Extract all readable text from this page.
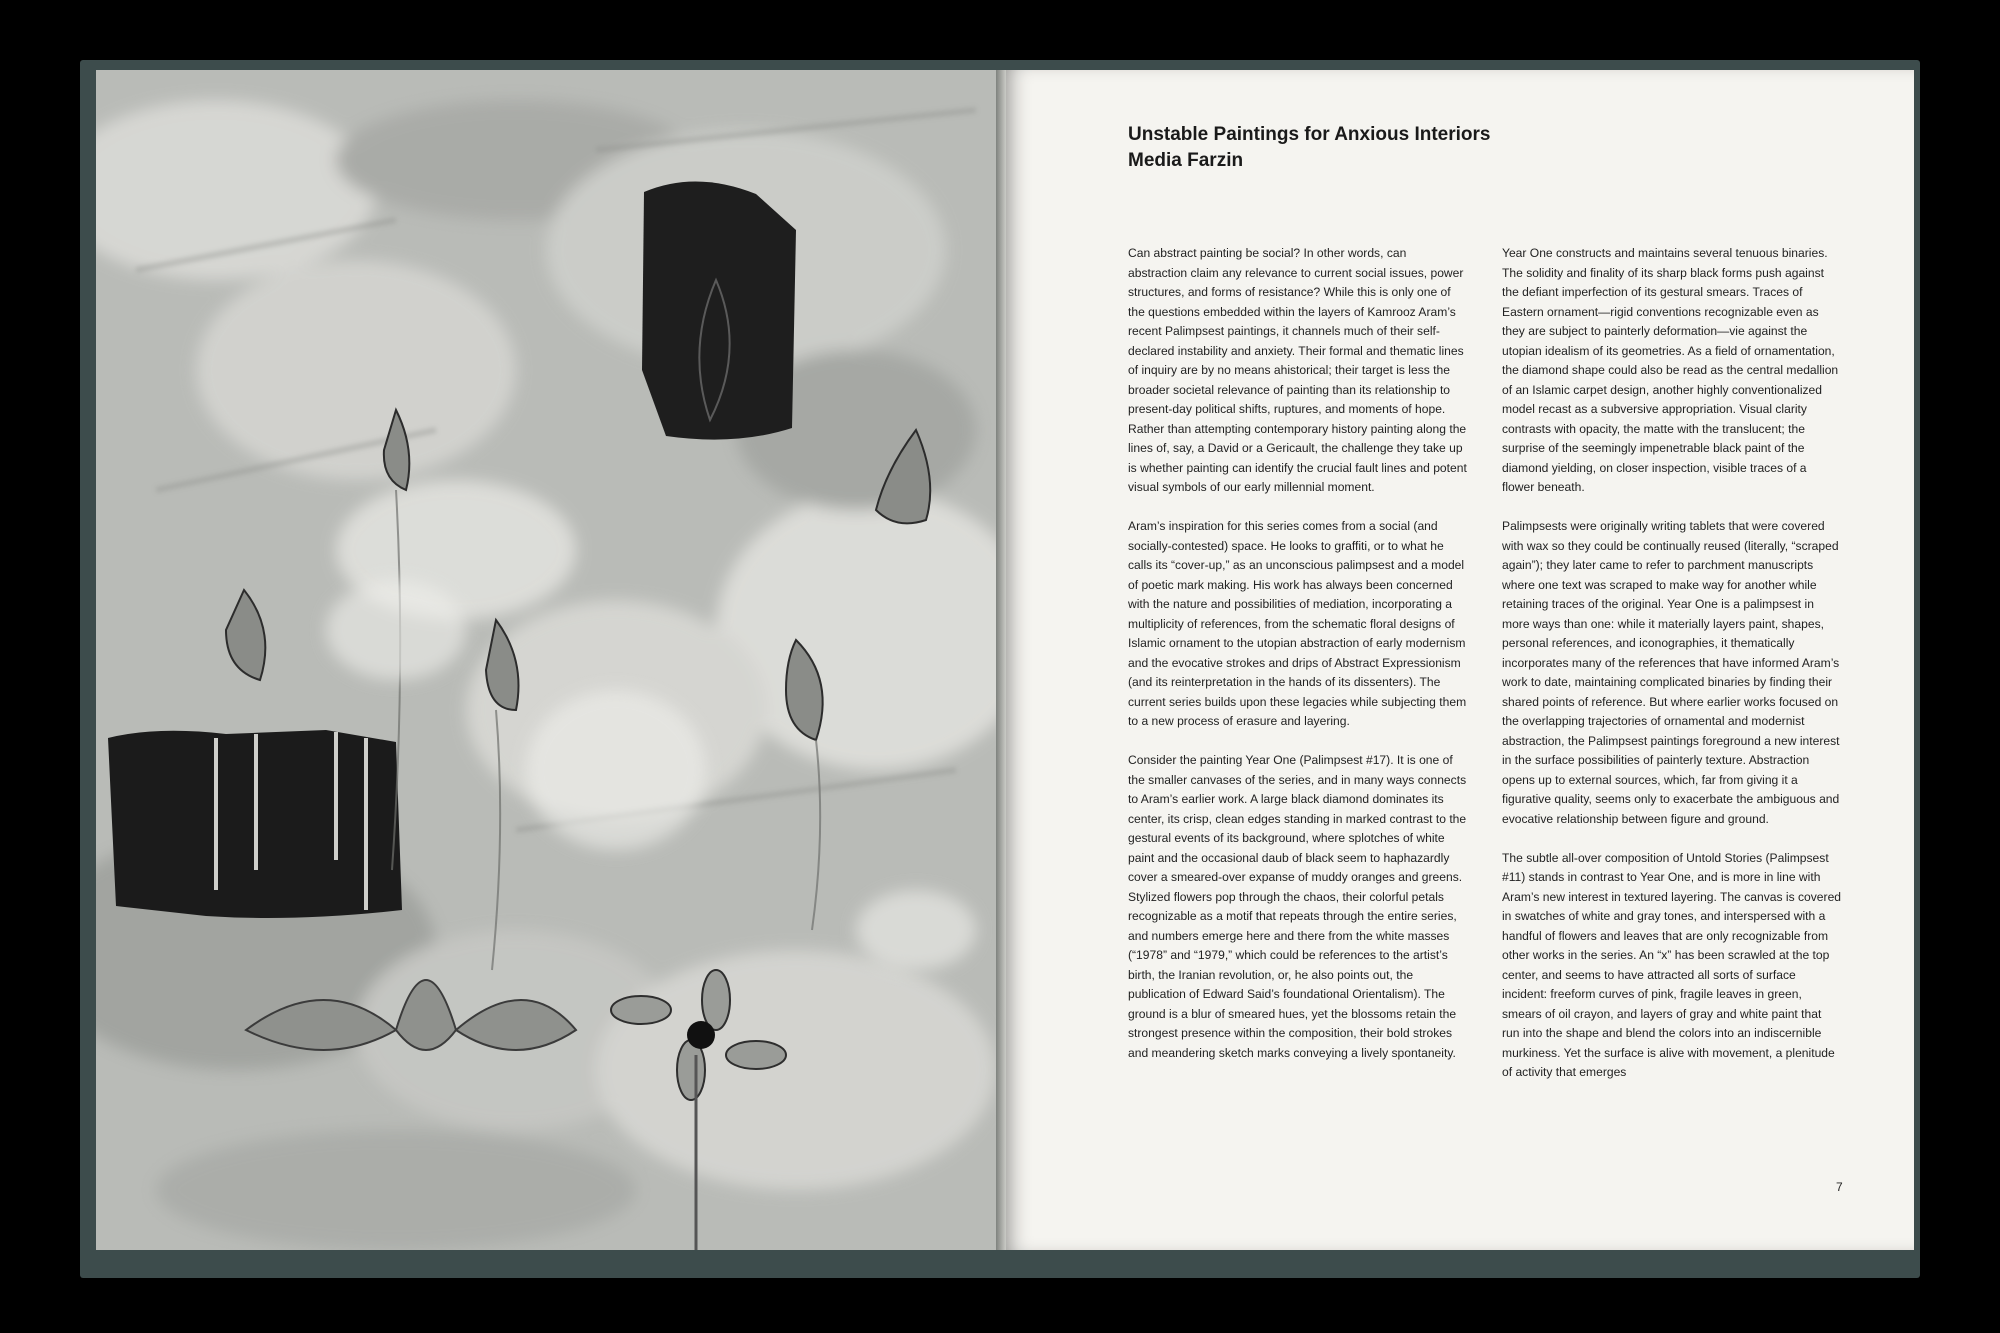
Unstable Paintings for Anxious Interiors
Media Farzin

Can abstract painting be social? In other words, can abstraction claim any relevance to current social issues, power structures, and forms of resistance? While this is only one of the questions embedded within the layers of Kamrooz Aram’s recent Palimpsest paintings, it channels much of their self-declared instability and anxiety. Their formal and thematic lines of inquiry are by no means ahistorical; their target is less the broader societal relevance of painting than its relationship to present-day political shifts, ruptures, and moments of hope. Rather than attempting contemporary history painting along the lines of, say, a David or a Gericault, the challenge they take up is whether painting can identify the crucial fault lines and potent visual symbols of our early millennial moment.

Aram’s inspiration for this series comes from a social (and socially-contested) space. He looks to graffiti, or to what he calls its “cover-up,” as an unconscious palimpsest and a model of poetic mark making. His work has always been concerned with the nature and possibilities of mediation, incorporating a multiplicity of references, from the schematic floral designs of Islamic ornament to the utopian abstraction of early modernism and the evocative strokes and drips of Abstract Expressionism (and its reinterpretation in the hands of its dissenters). The current series builds upon these legacies while subjecting them to a new process of erasure and layering.

Consider the painting Year One (Palimpsest #17). It is one of the smaller canvases of the series, and in many ways connects to Aram’s earlier work. A large black diamond dominates its center, its crisp, clean edges standing in marked contrast to the gestural events of its background, where splotches of white paint and the occasional daub of black seem to haphazardly cover a smeared-over expanse of muddy oranges and greens. Stylized flowers pop through the chaos, their colorful petals recognizable as a motif that repeats through the entire series, and numbers emerge here and there from the white masses (“1978” and “1979,” which could be references to the artist’s birth, the Iranian revolution, or, he also points out, the publication of Edward Said’s foundational Orientalism). The ground is a blur of smeared hues, yet the blossoms retain the strongest presence within the composition, their bold strokes and meandering sketch marks conveying a lively spontaneity.

Year One constructs and maintains several tenuous binaries. The solidity and finality of its sharp black forms push against the defiant imperfection of its gestural smears. Traces of Eastern ornament—rigid conventions recognizable even as they are subject to painterly deformation—vie against the utopian idealism of its geometries. As a field of ornamentation, the diamond shape could also be read as the central medallion of an Islamic carpet design, another highly conventionalized model recast as a subversive appropriation. Visual clarity contrasts with opacity, the matte with the translucent; the surprise of the seemingly impenetrable black paint of the diamond yielding, on closer inspection, visible traces of a flower beneath.

Palimpsests were originally writing tablets that were covered with wax so they could be continually reused (literally, “scraped again”); they later came to refer to parchment manuscripts where one text was scraped to make way for another while retaining traces of the original. Year One is a palimpsest in more ways than one: while it materially layers paint, shapes, personal references, and iconographies, it thematically incorporates many of the references that have informed Aram’s work to date, maintaining complicated binaries by finding their shared points of reference. But where earlier works focused on the overlapping trajectories of ornamental and modernist abstraction, the Palimpsest paintings foreground a new interest in the surface possibilities of painterly texture. Abstraction opens up to external sources, which, far from giving it a figurative quality, seems only to exacerbate the ambiguous and evocative relationship between figure and ground.

The subtle all-over composition of Untold Stories (Palimpsest #11) stands in contrast to Year One, and is more in line with Aram’s new interest in textured layering. The canvas is covered in swatches of white and gray tones, and interspersed with a handful of flowers and leaves that are only recognizable from other works in the series. An “x” has been scrawled at the top center, and seems to have attracted all sorts of surface incident: freeform curves of pink, fragile leaves in green, smears of oil crayon, and layers of gray and white paint that run into the shape and blend the colors into an indiscernible murkiness. Yet the surface is alive with movement, a plenitude of activity that emerges

7
